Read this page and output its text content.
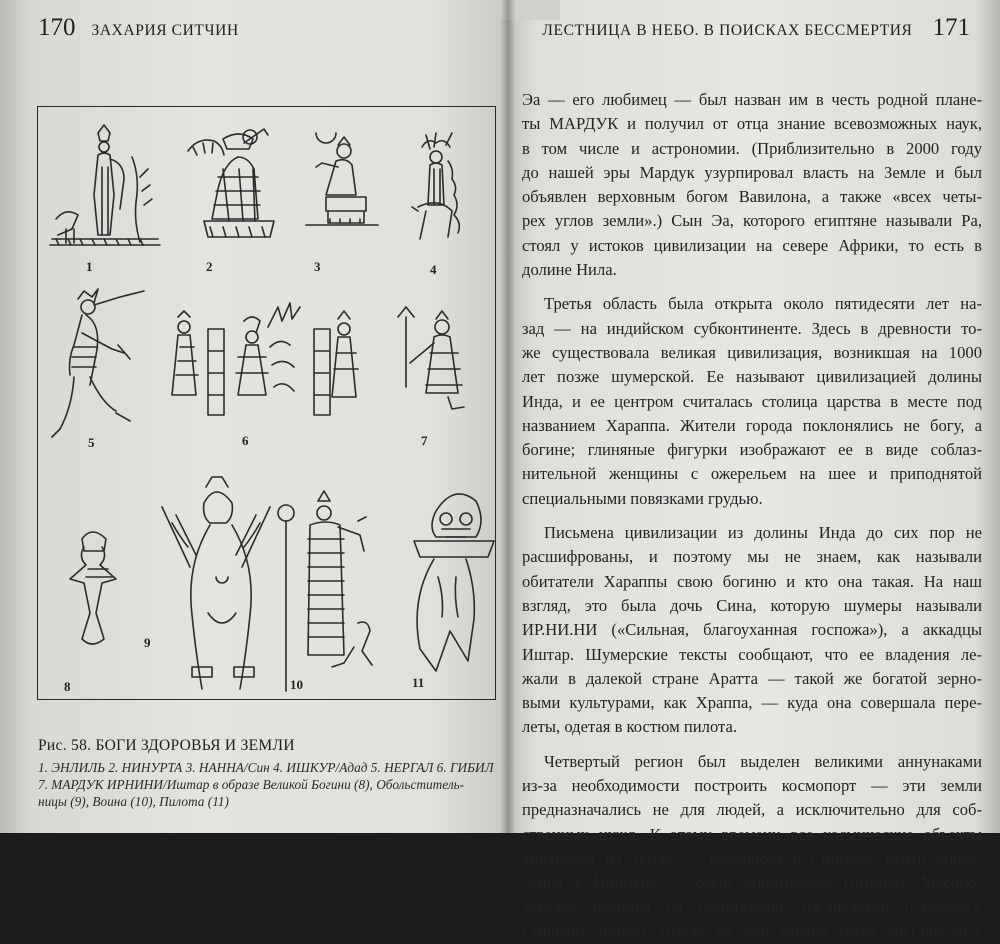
170 ЗАХАРИЯ СИТЧИН
1	2	3	4
5	6	7
8
9
10	11
Рис. 58. БОГИ ЗДОРОВЬЯ И ЗЕМЛИ
1. ЭНЛИЛЬ 2. НИНУРТА 3. НАННА/Син 4. ИШКУР/Адад 5. НЕРГАЛ 6. ГИБИЛ
7. МАРДУК ИРНИНИ/Иштар в образе Великой Богини (8), Обольститель-
ницы (9), Воина (10), Пилота (11)
ЛЕСТНИЦА В НЕБО. В ПОИСКАХ БЕССМЕРТИЯ 171
Эа — его любимец — был назван им в честь родной плане-
ты МАРДУК и получил от отца знание всевозможных наук,
в том числе и астрономии. (Приблизительно в 2000 году
до нашей эры Мардук узурпировал власть на Земле и был
объявлен верховным богом Вавилона, а также «всех четы-
рех углов земли».) Сын Эа, которого египтяне называли Ра,
стоял у истоков цивилизации на севере Африки, то есть в
долине Нила.
Третья область была открыта около пятидесяти лет на-
зад — на индийском субконтиненте. Здесь в древности то-
же существовала великая цивилизация, возникшая на 1000
лет позже шумерской. Ее называют цивилизацией долины
Инда, и ее центром считалась столица царства в месте под
названием Хараппа. Жители города поклонялись не богу, а
богине; глиняные фигурки изображают ее в виде соблаз-
нительной женщины с ожерельем на шее и приподнятой
специальными повязками грудью.
Письмена цивилизации из долины Инда до сих пор не
расшифрованы, и поэтому мы не знаем, как называли
обитатели Хараппы свою богиню и кто она такая. На наш
взгляд, это была дочь Сина, которую шумеры называли
ИР.НИ.НИ («Сильная, благоуханная госпожа»), а аккадцы
Иштар. Шумерские тексты сообщают, что ее владения ле-
жали в далекой стране Аратта — такой же богатой зерно-
выми культурами, как Храппа, — куда она совершала пере-
леты, одетая в костюм пилота.
Четвертый регион был выделен великими аннунаками
из-за необходимости построить космопорт — эти земли
предназначались не для людей, а исключительно для соб-
ственных нужд. К этому времени все космические объекты
аннунаков на Земле — космопорт в Сиппаре, центр управ-
ления в Ниппуре — были уничтожены Потопом. Месопо-
тамская равнина на протяжении тысячелетий оставалась
слишком топкой, чтобы на ней можно было восстановить
